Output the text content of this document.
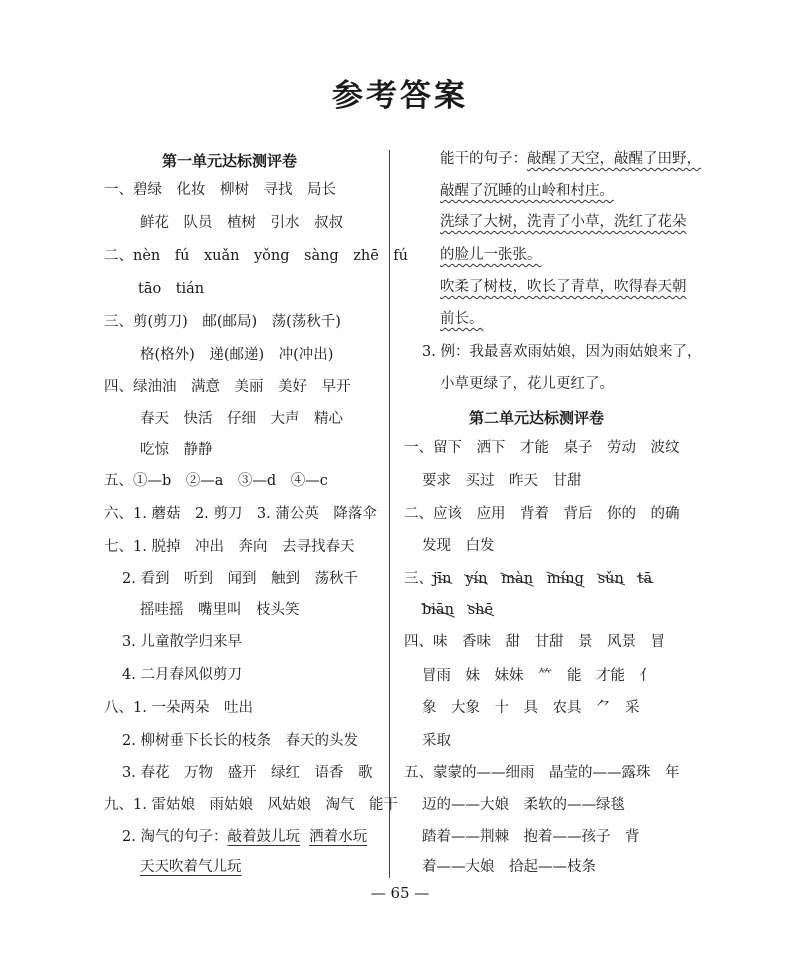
参考答案
第一单元达标测评卷
一、碧绿　化妆　柳树　寻找　局长
鲜花　队员　植树　引水　叔叔
二、nèn　fú　xuǎn　yǒng　sàng　zhē　fú
tāo　tián
三、剪(剪刀)　邮(邮局)　荡(荡秋千)
格(格外)　递(邮递)　冲(冲出)
四、绿油油　满意　美丽　美好　早开
春天　快活　仔细　大声　精心
吃惊　静静
五、①—b　②—a　③—d　④—c
六、1. 蘑菇　2. 剪刀　3. 蒲公英　降落伞
七、1. 脱掉　冲出　奔向　去寻找春天
2. 看到　听到　闻到　触到　荡秋千
摇哇摇　嘴里叫　枝头笑
3. 儿童散学归来早
4. 二月春风似剪刀
八、1. 一朵两朵　吐出
2. 柳树垂下长长的枝条　春天的头发
3. 春花　万物　盛开　绿红　语香　歌
九、1. 雷姑娘　雨姑娘　风姑娘　淘气　能干
2. 淘气的句子：敲着鼓儿玩 洒着水玩
天天吹着气儿玩
能干的句子：敲醒了天空，敲醒了田野，
敲醒了沉睡的山岭和村庄。
洗绿了大树，洗青了小草，洗红了花朵
的脸儿一张张。
吹柔了树枝，吹长了青草，吹得春天朝
前长。
3. 例：我最喜欢雨姑娘，因为雨姑娘来了，
小草更绿了，花儿更红了。
第二单元达标测评卷
一、留下　洒下　才能　桌子　劳动　波纹
要求　买过　昨天　甘甜
二、应该　应用　背着　背后　你的　的确
发现　白发
三、jīn yín màn míng sǔn tā
biān shē
四、味　香味　甜　甘甜　景　风景　冒
冒雨　妹　妹妹　⺮　能　才能　亻
象　大象　十　具　农具　⺈　采
采取
五、蒙蒙的——细雨　晶莹的——露珠　年
迈的——大娘　柔软的——绿毯
踏着——荆棘　抱着——孩子　背
着——大娘　拾起——枝条
— 65 —
